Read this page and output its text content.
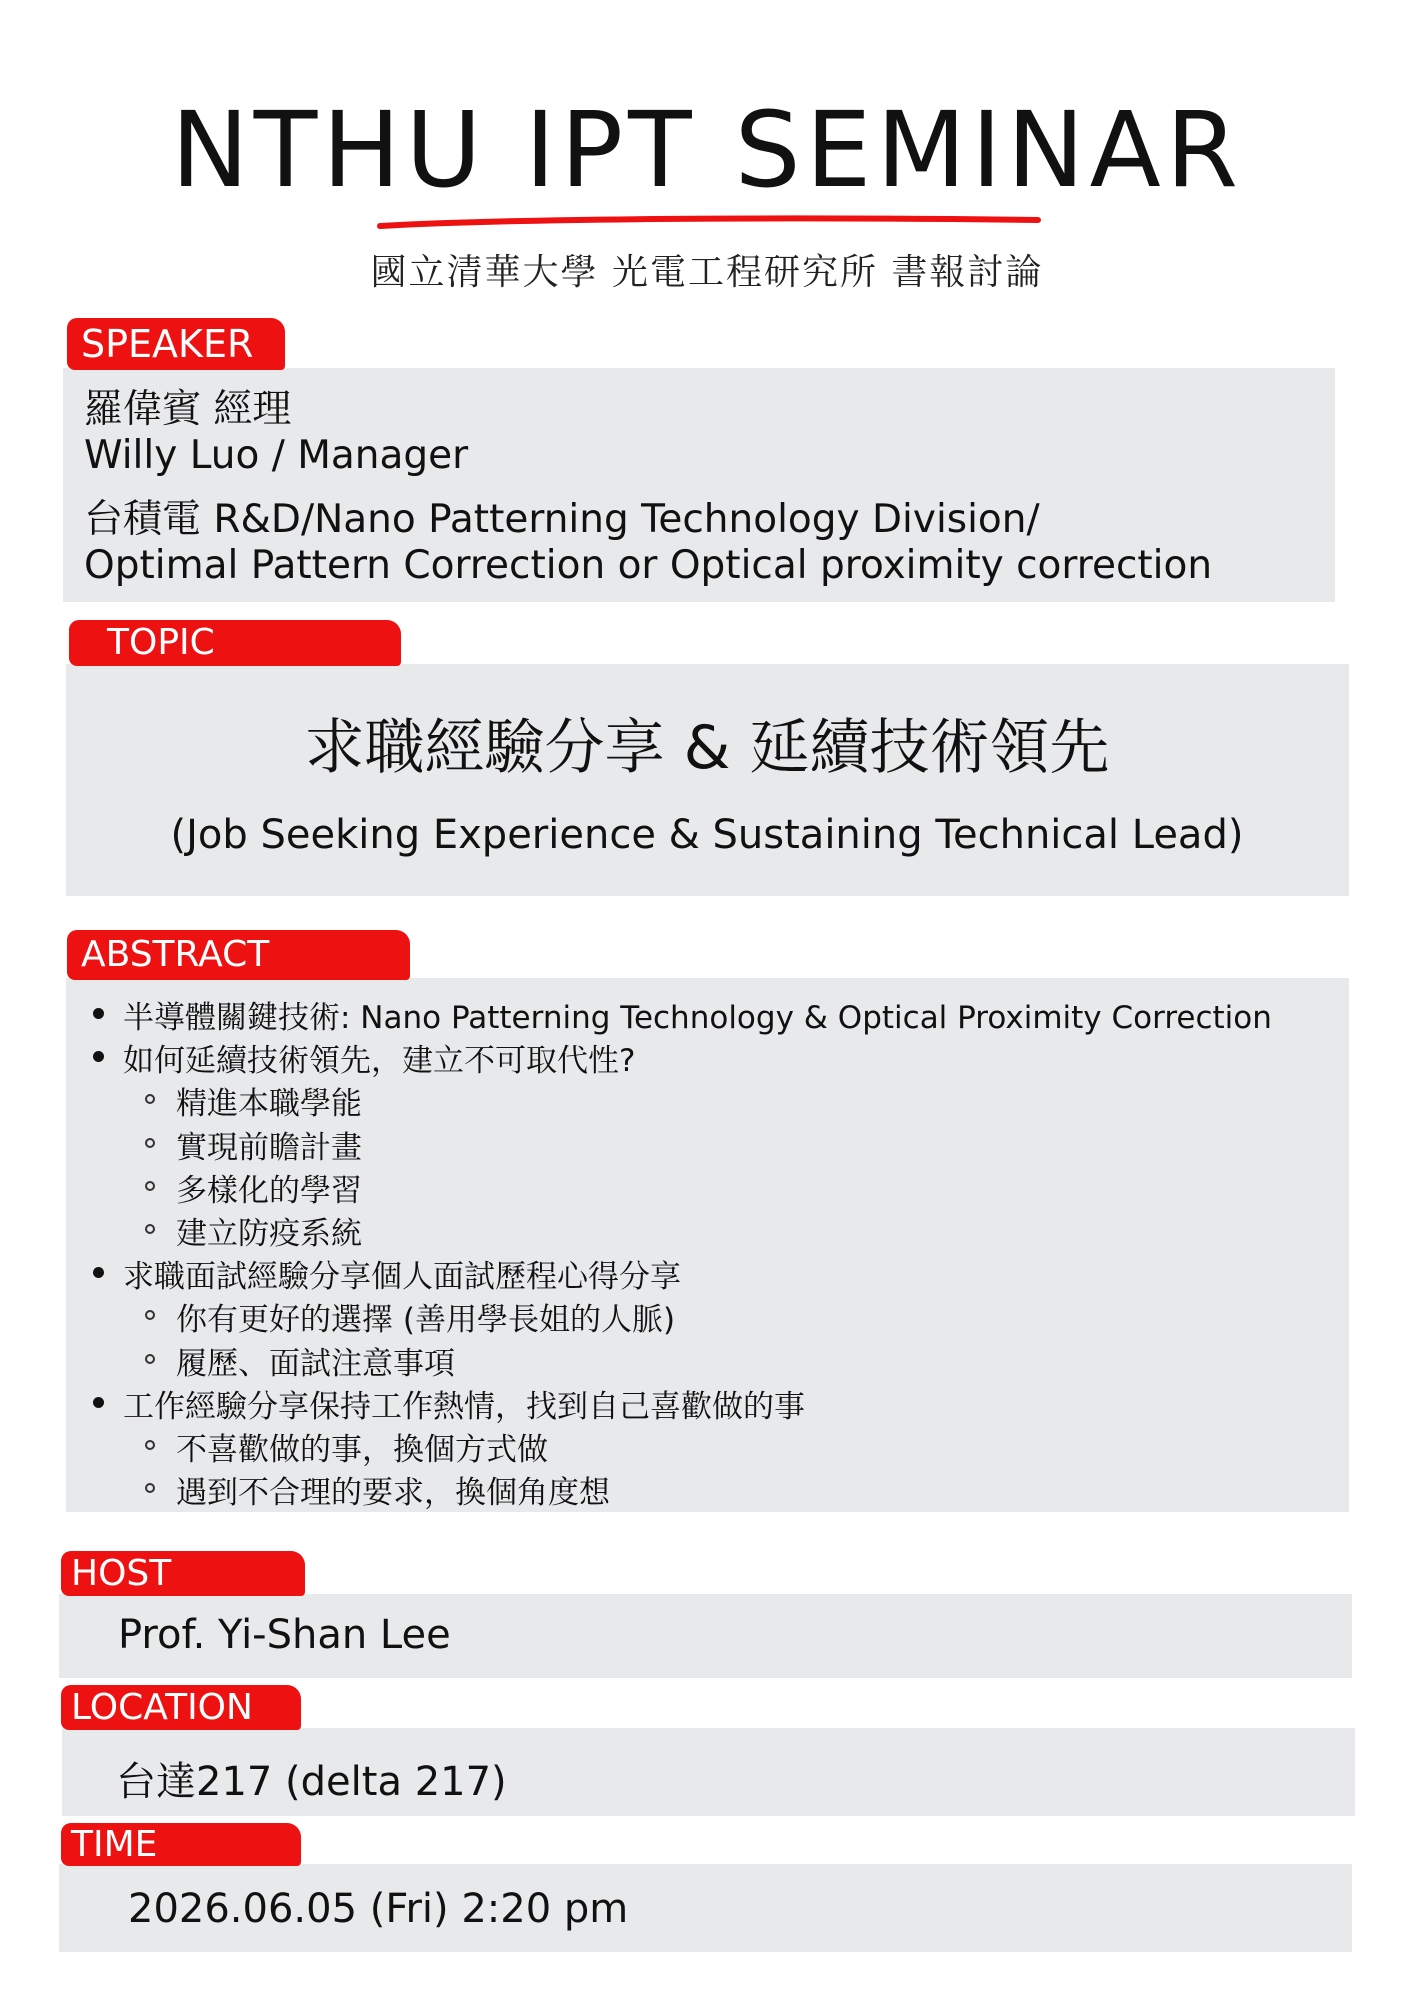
NTHU IPT SEMINAR
國立清華大學 光電工程研究所 書報討論
SPEAKER
羅偉賓 經理
Willy Luo / Manager
台積電 R&D/Nano Patterning Technology Division/
Optimal Pattern Correction or Optical proximity correction
TOPIC
求職經驗分享 & 延續技術領先
(Job Seeking Experience & Sustaining Technical Lead)
ABSTRACT
半導體關鍵技術: Nano Patterning Technology & Optical Proximity Correction
如何延續技術領先，建立不可取代性?
精進本職學能
實現前瞻計畫
多樣化的學習
建立防疫系統
求職面試經驗分享個人面試歷程心得分享
你有更好的選擇 (善用學長姐的人脈)
履歷、面試注意事項
工作經驗分享保持工作熱情，找到自己喜歡做的事
不喜歡做的事，換個方式做
遇到不合理的要求，換個角度想
HOST
Prof. Yi-Shan Lee
LOCATION
台達217 (delta 217)
TIME
2026.06.05 (Fri) 2:20 pm
